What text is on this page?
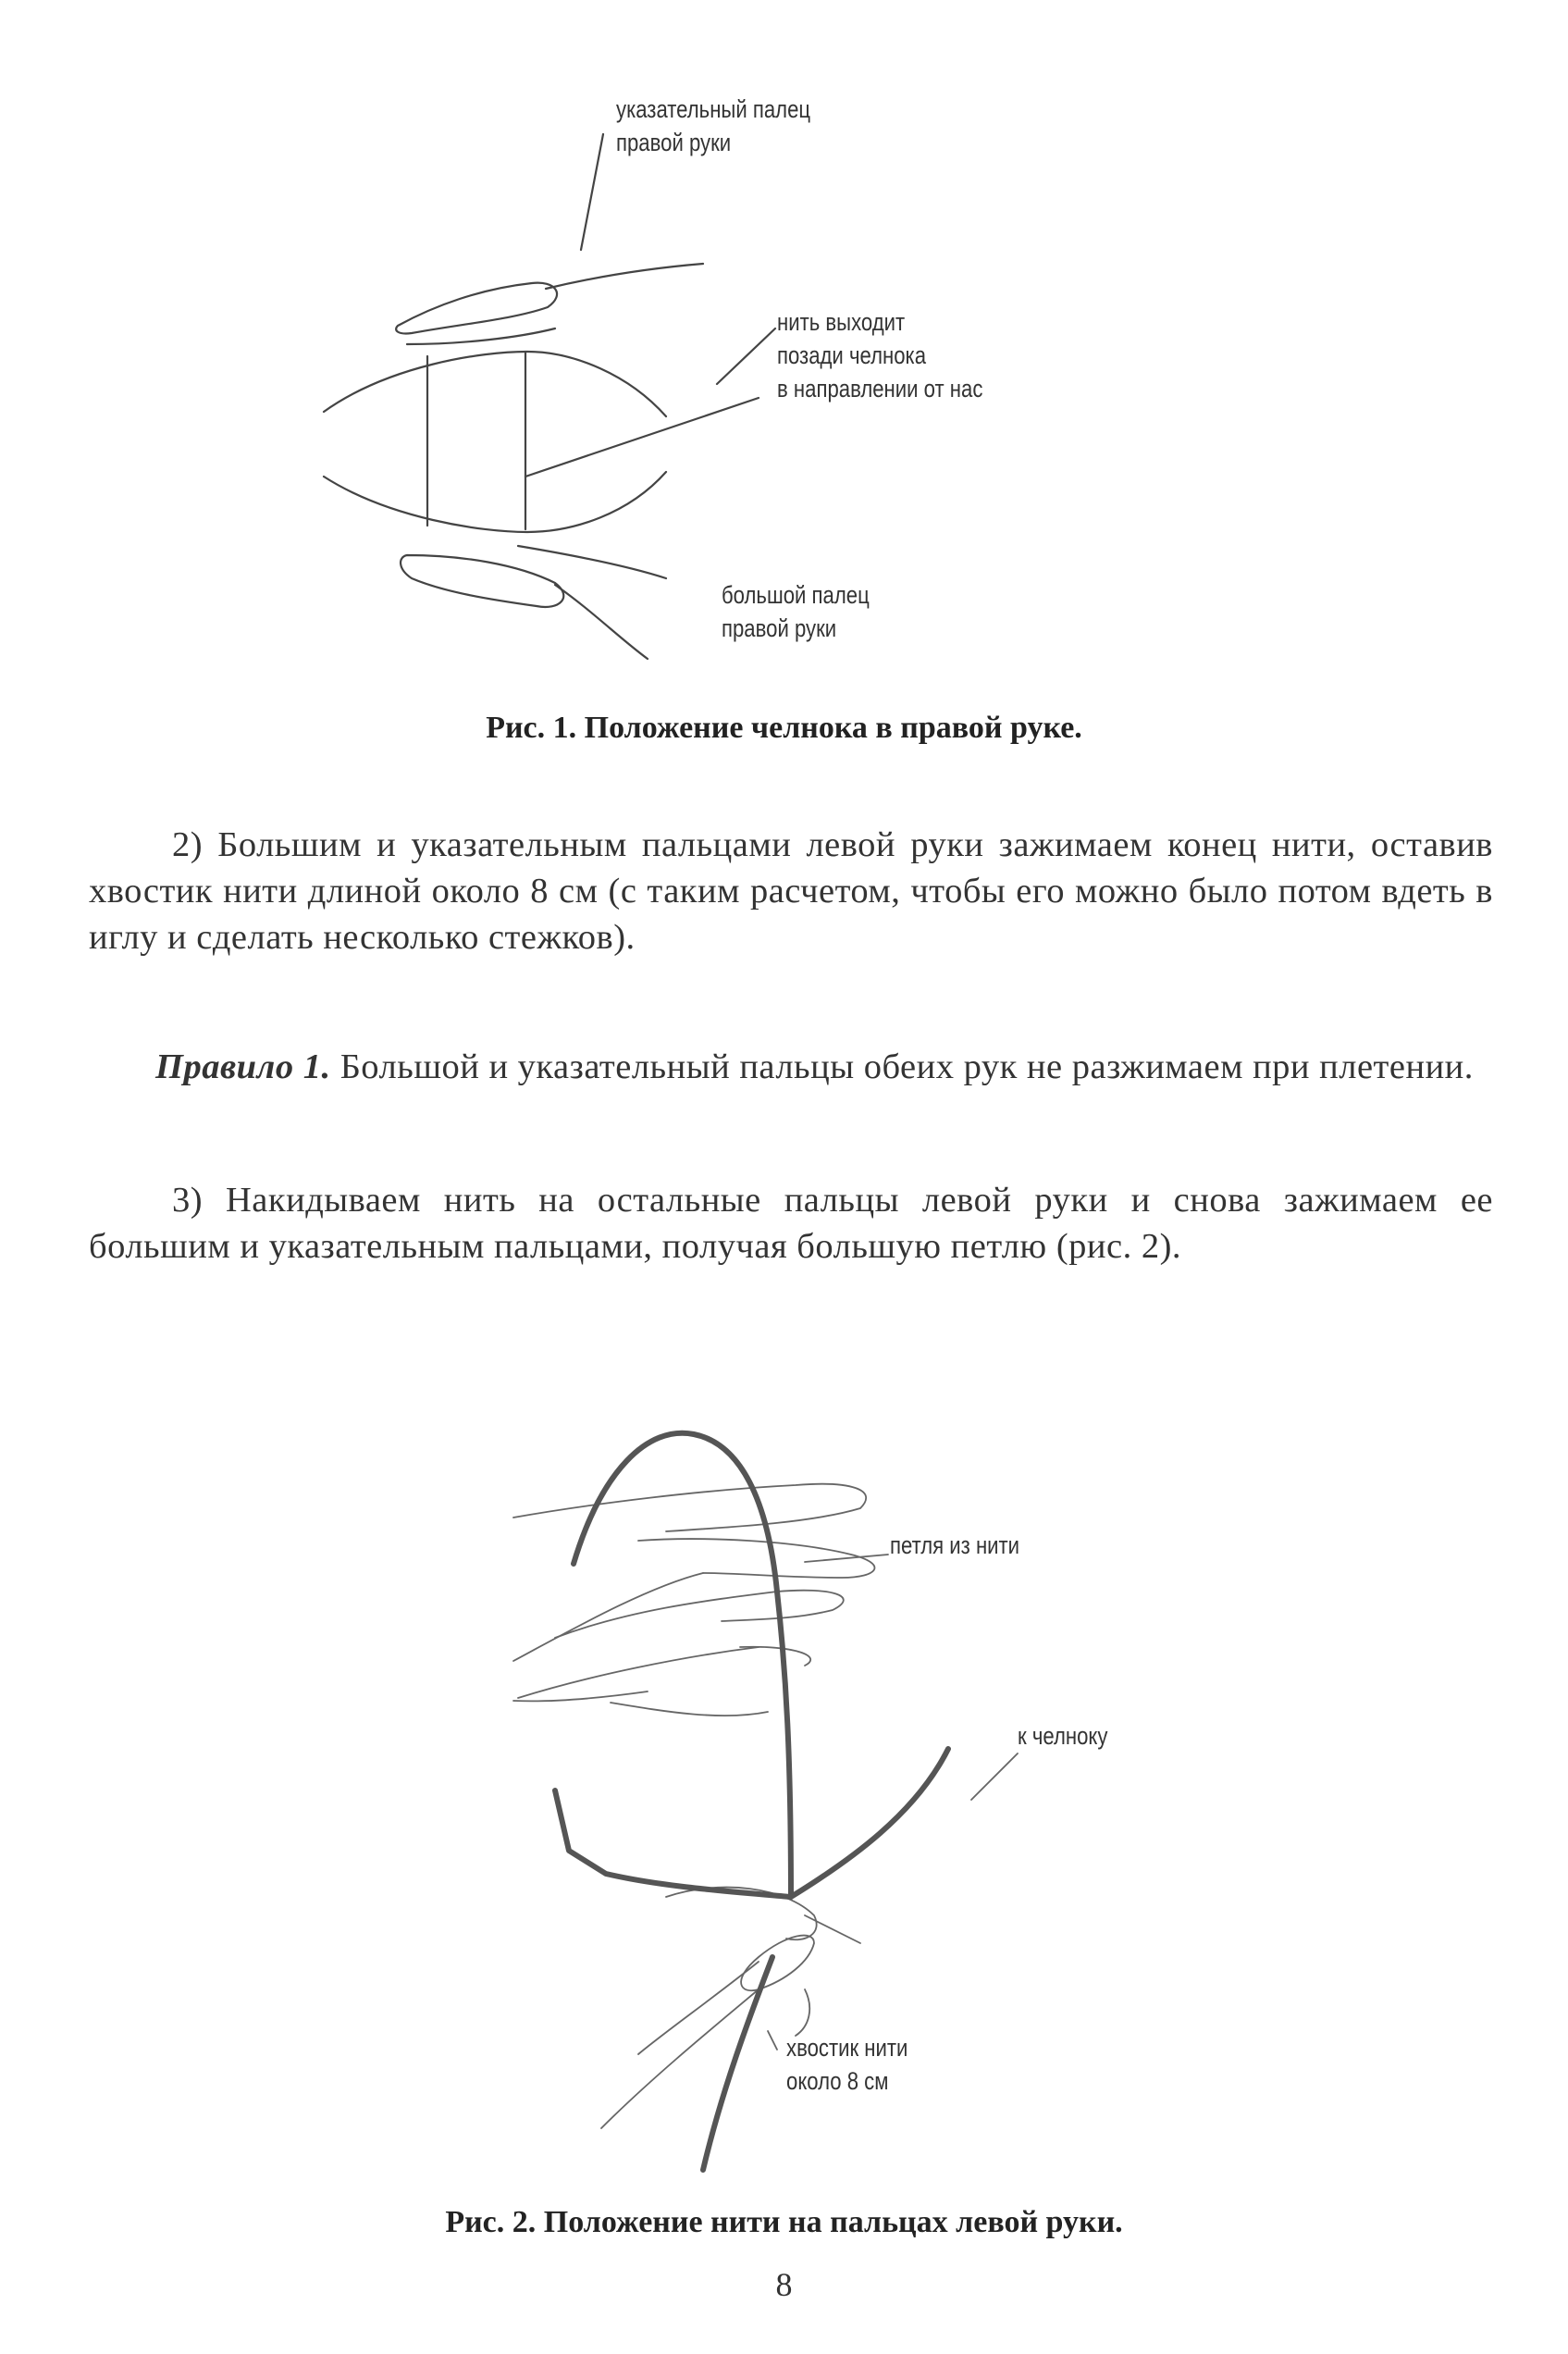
указательный палец
правой руки
нить выходит
позади челнока
в направлении от нас
большой палец
правой руки
Рис. 1. Положение челнока в правой руке.
2) Большим и указательным пальцами левой руки зажимаем конец нити, оставив хвостик нити длиной около 8 см (с таким расчетом, чтобы его можно было потом вдеть в иглу и сделать несколько стежков).
Правило 1. Большой и указательный пальцы обеих рук не разжимаем при плетении.
3) Накидываем нить на остальные пальцы левой руки и снова зажимаем ее большим и указательным пальцами, получая большую петлю (рис. 2).
петля из нити
к челноку
хвостик нити
около 8 см
Рис. 2. Положение нити на пальцах левой руки.
8
